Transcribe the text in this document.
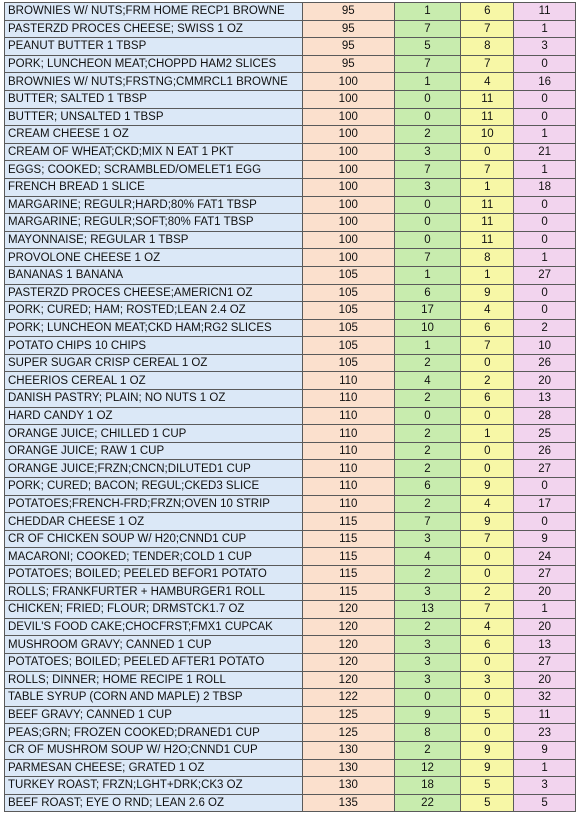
BROWNIES W/ NUTS;FRM HOME RECP1 BROWNE	95	1	6	11
PASTERZD PROCES CHEESE; SWISS 1 OZ	95	7	7	1
PEANUT BUTTER 1 TBSP	95	5	8	3
PORK; LUNCHEON MEAT;CHOPPD HAM2 SLICES	95	7	7	0
BROWNIES W/ NUTS;FRSTNG;CMMRCL1 BROWNE	100	1	4	16
BUTTER; SALTED 1 TBSP	100	0	11	0
BUTTER; UNSALTED 1 TBSP	100	0	11	0
CREAM CHEESE 1 OZ	100	2	10	1
CREAM OF WHEAT;CKD;MIX N EAT 1 PKT	100	3	0	21
EGGS; COOKED; SCRAMBLED/OMELET1 EGG	100	7	7	1
FRENCH BREAD 1 SLICE	100	3	1	18
MARGARINE; REGULR;HARD;80% FAT1 TBSP	100	0	11	0
MARGARINE; REGULR;SOFT;80% FAT1 TBSP	100	0	11	0
MAYONNAISE; REGULAR 1 TBSP	100	0	11	0
PROVOLONE CHEESE 1 OZ	100	7	8	1
BANANAS 1 BANANA	105	1	1	27
PASTERZD PROCES CHEESE;AMERICN1 OZ	105	6	9	0
PORK; CURED; HAM; ROSTED;LEAN 2.4 OZ	105	17	4	0
PORK; LUNCHEON MEAT;CKD HAM;RG2 SLICES	105	10	6	2
POTATO CHIPS 10 CHIPS	105	1	7	10
SUPER SUGAR CRISP CEREAL 1 OZ	105	2	0	26
CHEERIOS CEREAL 1 OZ	110	4	2	20
DANISH PASTRY; PLAIN; NO NUTS 1 OZ	110	2	6	13
HARD CANDY 1 OZ	110	0	0	28
ORANGE JUICE; CHILLED 1 CUP	110	2	1	25
ORANGE JUICE; RAW 1 CUP	110	2	0	26
ORANGE JUICE;FRZN;CNCN;DILUTED1 CUP	110	2	0	27
PORK; CURED; BACON; REGUL;CKED3 SLICE	110	6	9	0
POTATOES;FRENCH-FRD;FRZN;OVEN 10 STRIP	110	2	4	17
CHEDDAR CHEESE 1 OZ	115	7	9	0
CR OF CHICKEN SOUP W/ H20;CNND1 CUP	115	3	7	9
MACARONI; COOKED; TENDER;COLD 1 CUP	115	4	0	24
POTATOES; BOILED; PEELED BEFOR1 POTATO	115	2	0	27
ROLLS; FRANKFURTER + HAMBURGER1 ROLL	115	3	2	20
CHICKEN; FRIED; FLOUR; DRMSTCK1.7 OZ	120	13	7	1
DEVIL'S FOOD CAKE;CHOCFRST;FMX1 CUPCAK	120	2	4	20
MUSHROOM GRAVY; CANNED 1 CUP	120	3	6	13
POTATOES; BOILED; PEELED AFTER1 POTATO	120	3	0	27
ROLLS; DINNER; HOME RECIPE 1 ROLL	120	3	3	20
TABLE SYRUP (CORN AND MAPLE) 2 TBSP	122	0	0	32
BEEF GRAVY; CANNED 1 CUP	125	9	5	11
PEAS;GRN; FROZEN COOKED;DRANED1 CUP	125	8	0	23
CR OF MUSHROM SOUP W/ H2O;CNND1 CUP	130	2	9	9
PARMESAN CHEESE; GRATED 1 OZ	130	12	9	1
TURKEY ROAST; FRZN;LGHT+DRK;CK3 OZ	130	18	5	3
BEEF ROAST; EYE O RND; LEAN 2.6 OZ	135	22	5	5
